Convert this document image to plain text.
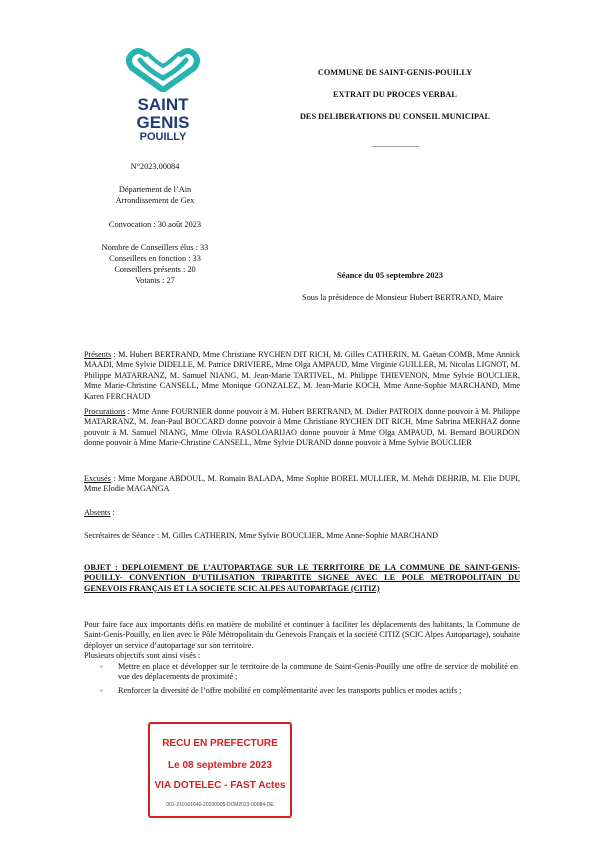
SAINT
GENIS
POUILLY
COMMUNE DE SAINT-GENIS-POUILLY
EXTRAIT DU PROCES VERBAL
DES DELIBERATIONS DU CONSEIL MUNICIPAL
--------------------------------
N°2023.00084
Département de l’Ain
Arrondissement de Gex
Convocation : 30 août 2023
Nombre de Conseillers élus : 33
Conseillers en fonction : 33
Conseillers présents : 20
Votants : 27
Séance du 05 septembre 2023
Sous la présidence de Monsieur Hubert BERTRAND, Maire
Présents : M. Hubert BERTRAND, Mme Christiane RYCHEN DIT RICH, M. Gilles CATHERIN, M. Gaëtan COMB, Mme Annick MAADI, Mme Sylvie DIDELLE, M. Patrice DRIVIERE, Mme Olga AMPAUD, Mme Virginie GUILLER, M. Nicolas LIGNOT, M. Philippe MATARRANZ, M. Samuel NIANG, M. Jean-Marie TARTIVEL, M. Philippe THIEVENON, Mme Sylvie BOUCLIER, Mme Marie-Christine CANSELL, Mme Monique GONZALEZ, M. Jean-Marie KOCH, Mme Anne-Sophie MARCHAND, Mme Karen FERCHAUD
Procurations : Mme Anne FOURNIER donne pouvoir à M. Hubert BERTRAND, M. Didier PATROIX donne pouvoir à M. Philippe MATARRANZ, M. Jean-Paul BOCCARD donne pouvoir à Mme Christiane RYCHEN DIT RICH, Mme Sabrina MERHAZ donne pouvoir à M. Samuel NIANG, Mme Olivia RASOLOARIJAO donne pouvoir à Mme Olga AMPAUD, M. Bernard BOURDON donne pouvoir à Mme Marie-Christine CANSELL, Mme Sylvie DURAND donne pouvoir à Mme Sylvie BOUCLIER
Excusés : Mme Morgane ABDOUL, M. Romain BALADA, Mme Sophie BOREL MULLIER, M. Mehdi DEHRIB, M. Elie DUPI, Mme Elodie MAGANGA
Absents :
Secrétaires de Séance : M. Gilles CATHERIN, Mme Sylvie BOUCLIER, Mme Anne-Sophie MARCHAND
OBJET : DEPLOIEMENT DE L’AUTOPARTAGE SUR LE TERRITOIRE DE LA COMMUNE DE SAINT-GENIS-POUILLY- CONVENTION D’UTILISATION TRIPARTITE SIGNEE AVEC LE POLE METROPOLITAIN DU GENEVOIS FRANÇAIS ET LA SOCIETE SCIC ALPES AUTOPARTAGE (CITIZ)
Pour faire face aux importants défis en matière de mobilité et continuer à faciliter les déplacements des habitants, la Commune de Saint-Genis-Pouilly, en lien avec le Pôle Métropolitain du Genevois Français et la société CITIZ (SCIC Alpes Autopartage), souhaite déployer un service d’autopartage sur son territoire.
Plusieurs objectifs sont ainsi visés :
- Mettre en place et développer sur le territoire de la commune de Saint-Genis-Pouilly une offre de service de mobilité en vue des déplacements de proximité ;
- Renforcer la diversité de l’offre mobilité en complémentarité avec les transports publics et modes actifs ;
RECU EN PREFECTURE
Le 08 septembre 2023
VIA DOTELEC - FAST Actes
001-210101640-20230905-DCM2023-00084-DE
